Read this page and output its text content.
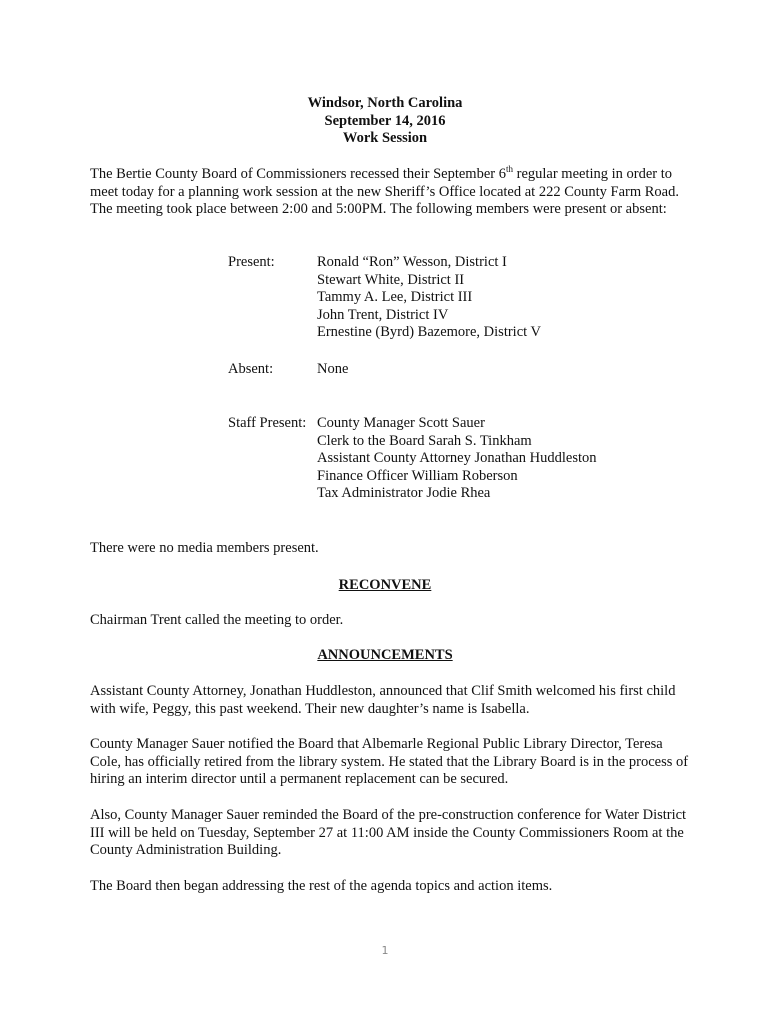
Windsor, North Carolina
September 14, 2016
Work Session
The Bertie County Board of Commissioners recessed their September 6th regular meeting in order to meet today for a planning work session at the new Sheriff’s Office located at 222 County Farm Road. The meeting took place between 2:00 and 5:00PM. The following members were present or absent:
Present:	Ronald “Ron” Wesson, District I
Stewart White, District II
Tammy A. Lee, District III
John Trent, District IV
Ernestine (Byrd) Bazemore, District V
Absent:	None
Staff Present: County Manager Scott Sauer
Clerk to the Board Sarah S. Tinkham
Assistant County Attorney Jonathan Huddleston
Finance Officer William Roberson
Tax Administrator Jodie Rhea
There were no media members present.
RECONVENE
Chairman Trent called the meeting to order.
ANNOUNCEMENTS
Assistant County Attorney, Jonathan Huddleston, announced that Clif Smith welcomed his first child with wife, Peggy, this past weekend. Their new daughter’s name is Isabella.
County Manager Sauer notified the Board that Albemarle Regional Public Library Director, Teresa Cole, has officially retired from the library system. He stated that the Library Board is in the process of hiring an interim director until a permanent replacement can be secured.
Also, County Manager Sauer reminded the Board of the pre-construction conference for Water District III will be held on Tuesday, September 27 at 11:00 AM inside the County Commissioners Room at the County Administration Building.
The Board then began addressing the rest of the agenda topics and action items.
1
